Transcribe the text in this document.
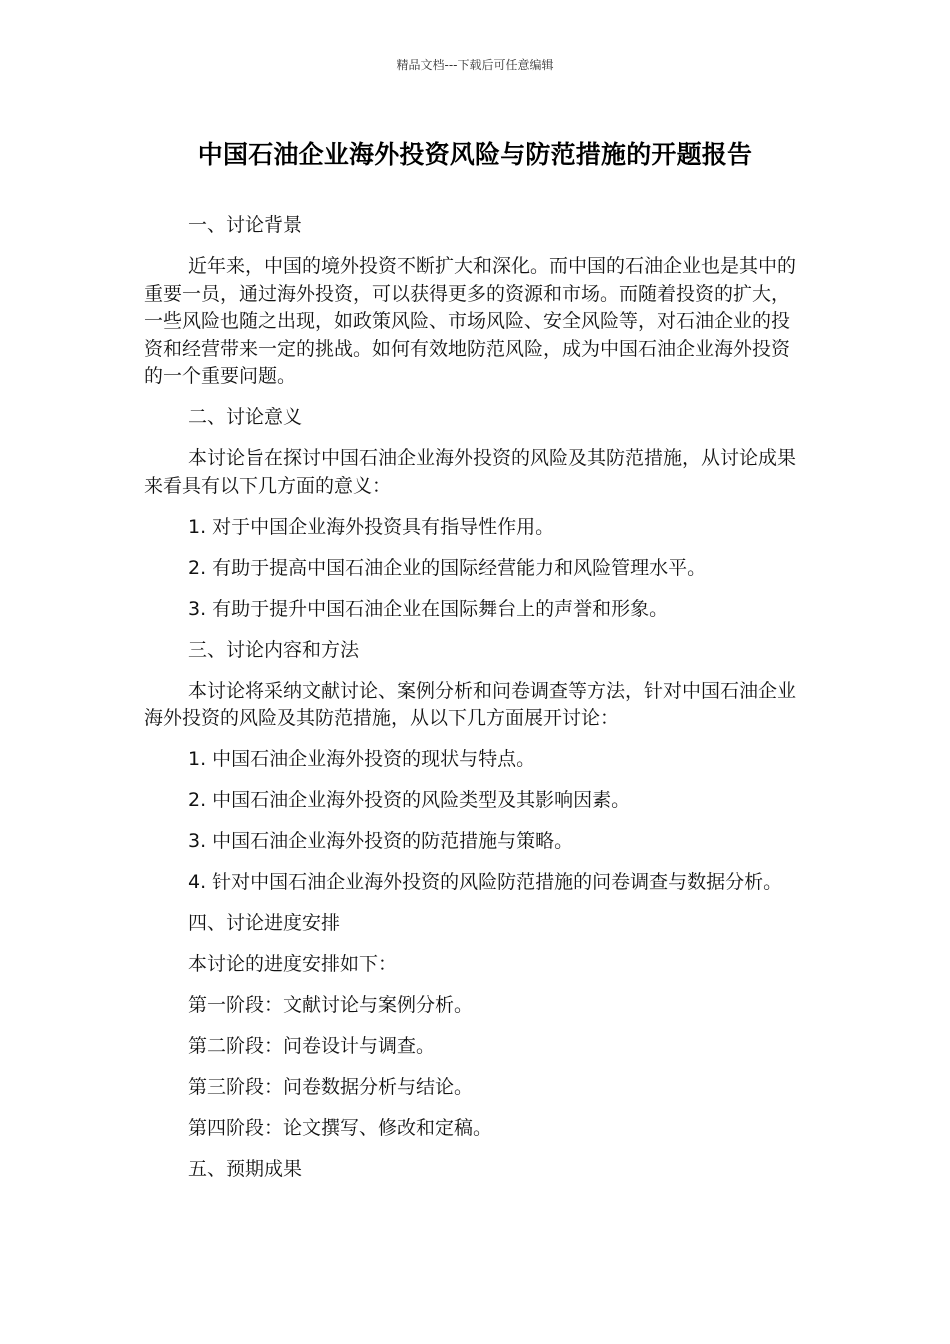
精品文档---下载后可任意编辑
中国石油企业海外投资风险与防范措施的开题报告

一、讨论背景

近年来，中国的境外投资不断扩大和深化。而中国的石油企业也是其中的重要一员，通过海外投资，可以获得更多的资源和市场。而随着投资的扩大，一些风险也随之出现，如政策风险、市场风险、安全风险等，对石油企业的投资和经营带来一定的挑战。如何有效地防范风险，成为中国石油企业海外投资的一个重要问题。

二、讨论意义

本讨论旨在探讨中国石油企业海外投资的风险及其防范措施，从讨论成果来看具有以下几方面的意义：

1. 对于中国企业海外投资具有指导性作用。

2. 有助于提高中国石油企业的国际经营能力和风险管理水平。

3. 有助于提升中国石油企业在国际舞台上的声誉和形象。

三、讨论内容和方法

本讨论将采纳文献讨论、案例分析和问卷调查等方法，针对中国石油企业海外投资的风险及其防范措施，从以下几方面展开讨论：

1. 中国石油企业海外投资的现状与特点。

2. 中国石油企业海外投资的风险类型及其影响因素。

3. 中国石油企业海外投资的防范措施与策略。

4. 针对中国石油企业海外投资的风险防范措施的问卷调查与数据分析。

四、讨论进度安排

本讨论的进度安排如下：

第一阶段：文献讨论与案例分析。

第二阶段：问卷设计与调查。

第三阶段：问卷数据分析与结论。

第四阶段：论文撰写、修改和定稿。

五、预期成果
